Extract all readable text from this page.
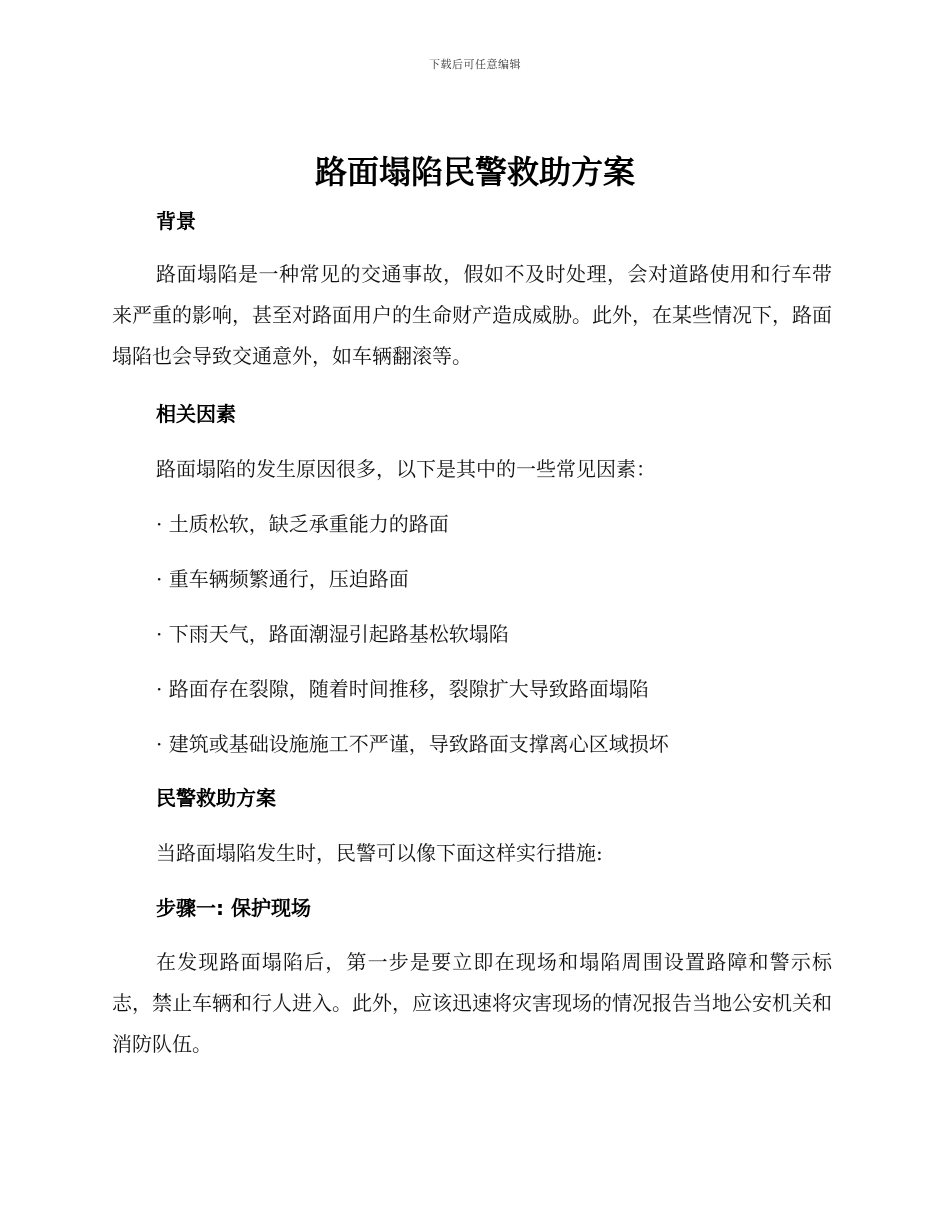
下载后可任意编辑
路面塌陷民警救助方案
背景
路面塌陷是一种常见的交通事故，假如不及时处理，会对道路使用和行车带来严重的影响，甚至对路面用户的生命财产造成威胁。此外，在某些情况下，路面塌陷也会导致交通意外，如车辆翻滚等。
相关因素
路面塌陷的发生原因很多，以下是其中的一些常见因素：
· 土质松软，缺乏承重能力的路面
· 重车辆频繁通行，压迫路面
· 下雨天气，路面潮湿引起路基松软塌陷
· 路面存在裂隙，随着时间推移，裂隙扩大导致路面塌陷
· 建筑或基础设施施工不严谨，导致路面支撑离心区域损坏
民警救助方案
当路面塌陷发生时，民警可以像下面这样实行措施:
步骤一: 保护现场
在发现路面塌陷后，第一步是要立即在现场和塌陷周围设置路障和警示标志，禁止车辆和行人进入。此外，应该迅速将灾害现场的情况报告当地公安机关和消防队伍。
